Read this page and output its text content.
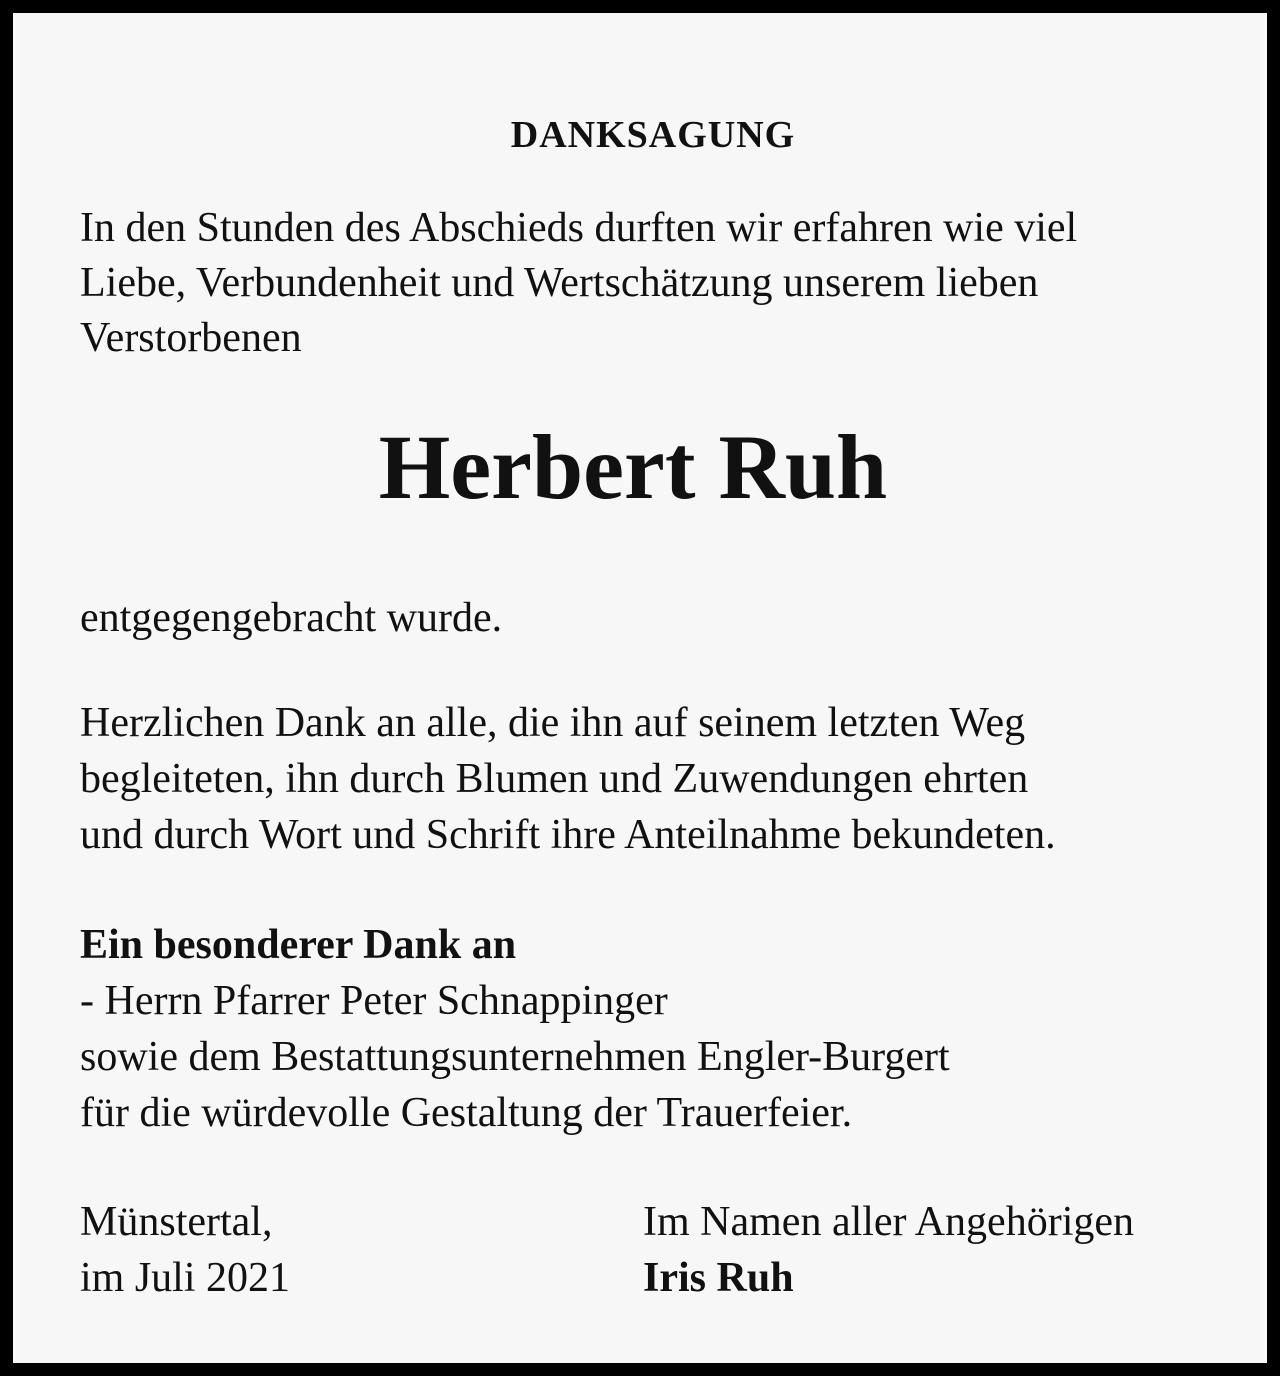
DANKSAGUNG
In den Stunden des Abschieds durften wir erfahren wie viel
Liebe, Verbundenheit und Wertschätzung unserem lieben
Verstorbenen
Herbert Ruh
entgegengebracht wurde.
Herzlichen Dank an alle, die ihn auf seinem letzten Weg
begleiteten, ihn durch Blumen und Zuwendungen ehrten
und durch Wort und Schrift ihre Anteilnahme bekundeten.
Ein besonderer Dank an
- Herrn Pfarrer Peter Schnappinger
sowie dem Bestattungsunternehmen Engler-Burgert
für die würdevolle Gestaltung der Trauerfeier.
Münstertal,
im Juli 2021
Im Namen aller Angehörigen
Iris Ruh
